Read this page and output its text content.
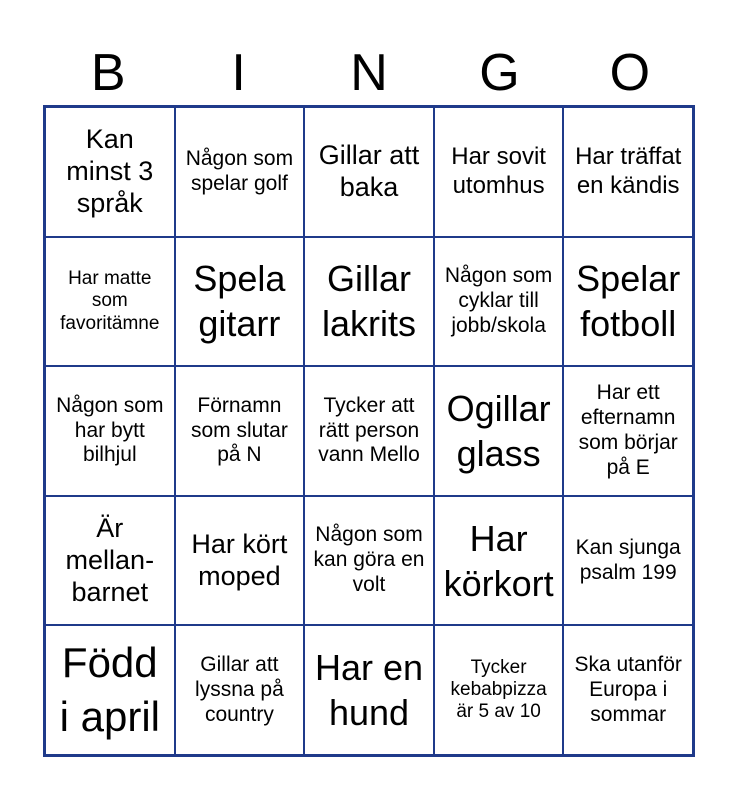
B	I	N	G	O
Kan minst 3 språk
Någon som spelar golf
Gillar att baka
Har sovit utomhus
Har träffat en kändis
Har matte som favoritämne
Spela gitarr
Gillar lakrits
Någon som cyklar till jobb/skola
Spelar fotboll
Någon som har bytt bilhjul
Förnamn som slutar på N
Tycker att rätt person vann Mello
Ogillar glass
Har ett efternamn som börjar på E
Är mellan-barnet
Har kört moped
Någon som kan göra en volt
Har körkort
Kan sjunga psalm 199
Född i april
Gillar att lyssna på country
Har en hund
Tycker kebabpizza är 5 av 10
Ska utanför Europa i sommar
